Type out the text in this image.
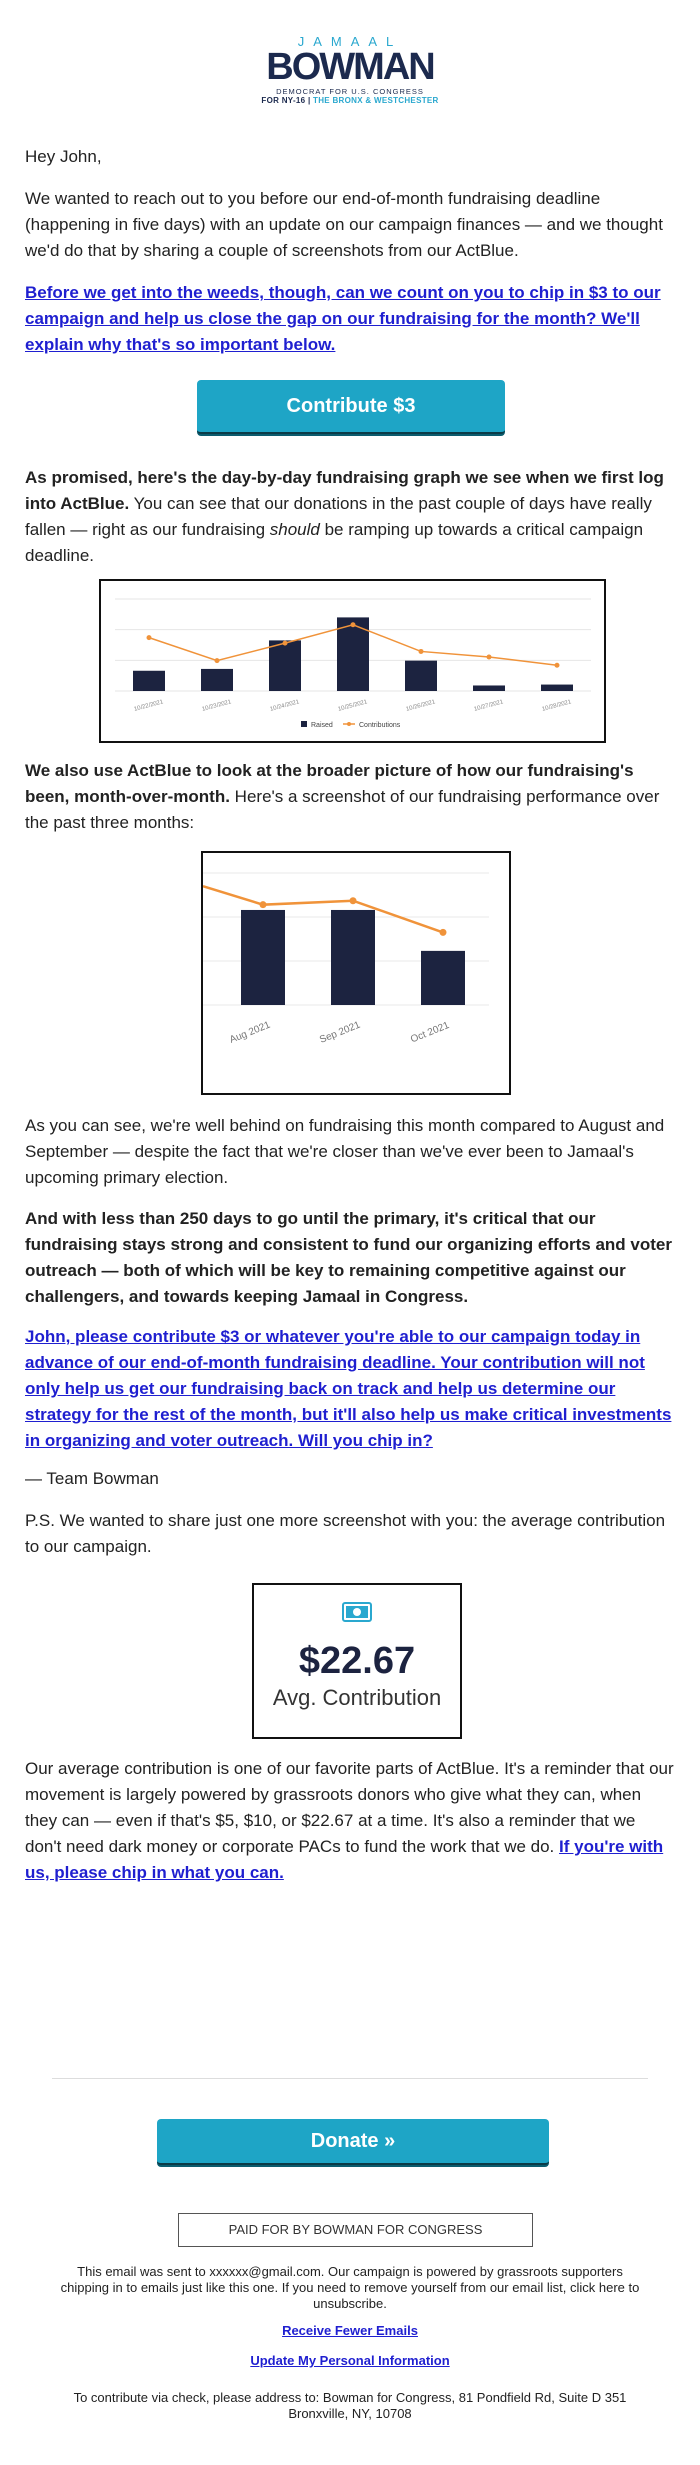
JAMAAL
BOWMAN
DEMOCRAT FOR U.S. CONGRESS
FOR NY-16 | THE BRONX & WESTCHESTER

Hey John,

We wanted to reach out to you before our end-of-month fundraising deadline (happening in five days) with an update on our campaign finances — and we thought we'd do that by sharing a couple of screenshots from our ActBlue.

Before we get into the weeds, though, can we count on you to chip in $3 to our campaign and help us close the gap on our fundraising for the month? We'll explain why that's so important below.

Contribute $3

As promised, here's the day-by-day fundraising graph we see when we first log into ActBlue. You can see that our donations in the past couple of days have really fallen — right as our fundraising should be ramping up towards a critical campaign deadline.

10/22/2021	10/23/2021	10/24/2021	10/25/2021	10/26/2021	10/27/2021	10/28/2021
Raised	Contributions

We also use ActBlue to look at the broader picture of how our fundraising's been, month-over-month. Here's a screenshot of our fundraising performance over the past three months:

Aug 2021	Sep 2021	Oct 2021

As you can see, we're well behind on fundraising this month compared to August and September — despite the fact that we're closer than we've ever been to Jamaal's upcoming primary election.

And with less than 250 days to go until the primary, it's critical that our fundraising stays strong and consistent to fund our organizing efforts and voter outreach — both of which will be key to remaining competitive against our challengers, and towards keeping Jamaal in Congress.

John, please contribute $3 or whatever you're able to our campaign today in advance of our end-of-month fundraising deadline. Your contribution will not only help us get our fundraising back on track and help us determine our strategy for the rest of the month, but it'll also help us make critical investments in organizing and voter outreach. Will you chip in?

— Team Bowman

P.S. We wanted to share just one more screenshot with you: the average contribution to our campaign.

$22.67
Avg. Contribution

Our average contribution is one of our favorite parts of ActBlue. It's a reminder that our movement is largely powered by grassroots donors who give what they can, when they can — even if that's $5, $10, or $22.67 at a time. It's also a reminder that we don't need dark money or corporate PACs to fund the work that we do. If you're with us, please chip in what you can.

Donate »
PAID FOR BY BOWMAN FOR CONGRESS
This email was sent to xxxxxx@gmail.com. Our campaign is powered by grassroots supporters chipping in to emails just like this one. If you need to remove yourself from our email list, click here to unsubscribe.
Receive Fewer Emails
Update My Personal Information
To contribute via check, please address to: Bowman for Congress, 81 Pondfield Rd, Suite D 351 Bronxville, NY, 10708
